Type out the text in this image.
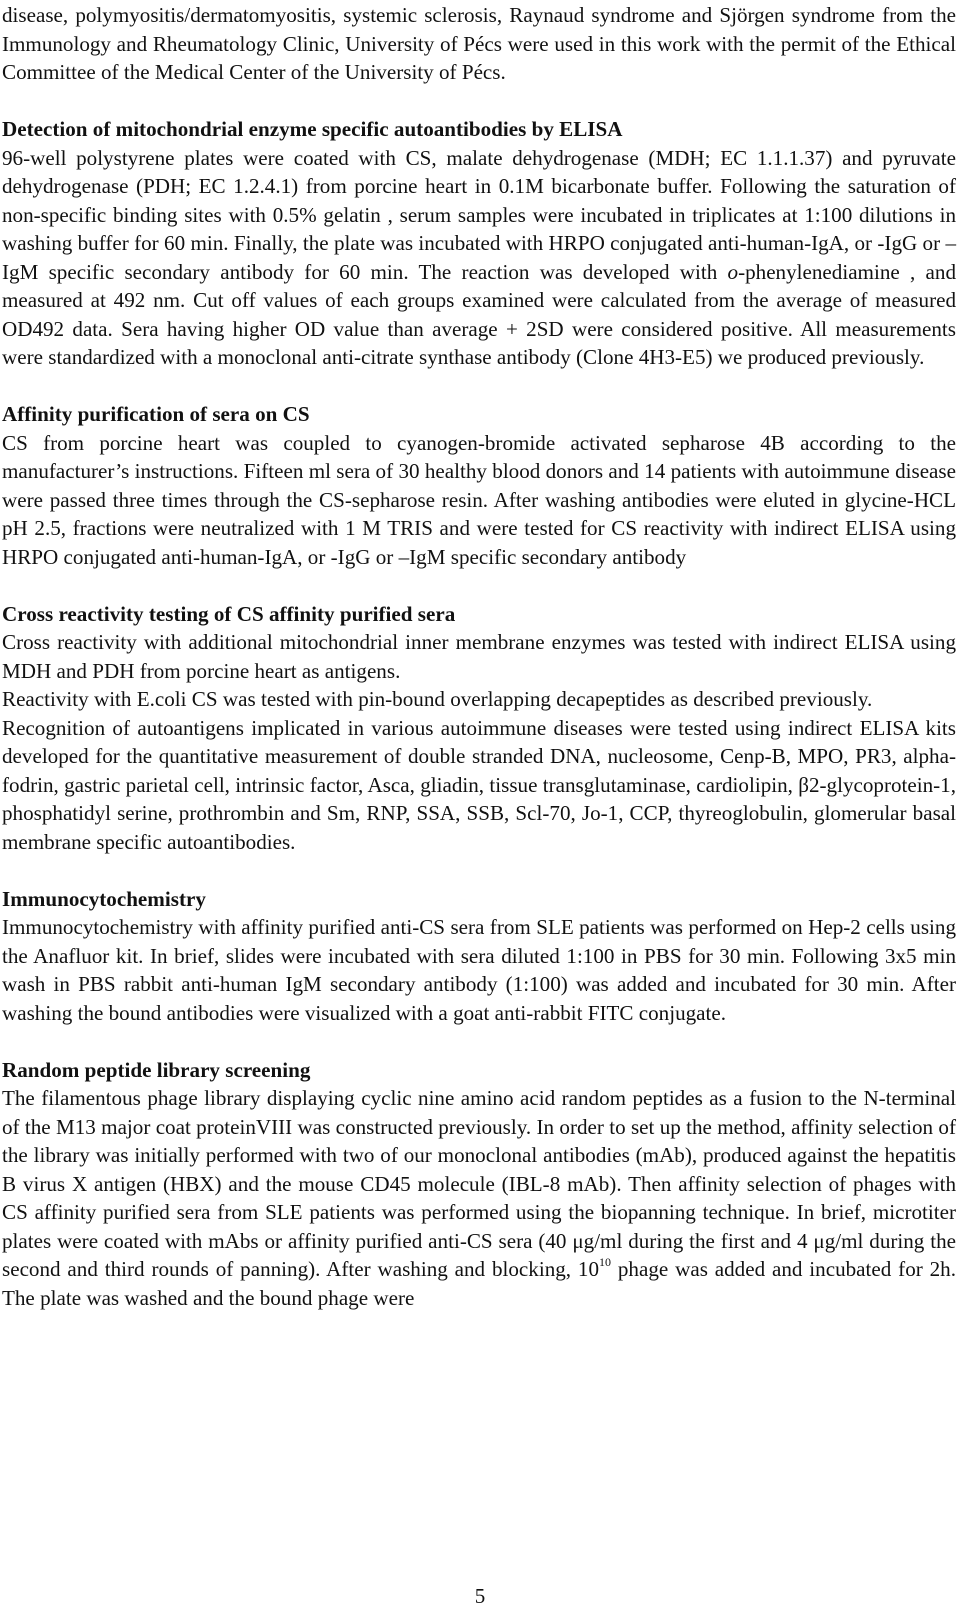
disease, polymyositis/dermatomyositis, systemic sclerosis, Raynaud syndrome and Sjörgen syndrome from the Immunology and Rheumatology Clinic, University of Pécs were used in this work with the permit of the Ethical Committee of the Medical Center of the University of Pécs.

Detection of mitochondrial enzyme specific autoantibodies by ELISA

96-well polystyrene plates were coated with CS, malate dehydrogenase (MDH; EC 1.1.1.37) and pyruvate dehydrogenase (PDH; EC 1.2.4.1) from porcine heart in 0.1M bicarbonate buffer. Following the saturation of non-specific binding sites with 0.5% gelatin , serum samples were incubated in triplicates at 1:100 dilutions in washing buffer for 60 min. Finally, the plate was incubated with HRPO conjugated anti-human-IgA, or -IgG or –IgM specific secondary antibody for 60 min. The reaction was developed with o-phenylenediamine , and measured at 492 nm. Cut off values of each groups examined were calculated from the average of measured OD492 data. Sera having higher OD value than average + 2SD were considered positive. All measurements were standardized with a monoclonal anti-citrate synthase antibody (Clone 4H3-E5) we produced previously.

Affinity purification of sera on CS

CS from porcine heart was coupled to cyanogen-bromide activated sepharose 4B according to the manufacturer’s instructions. Fifteen ml sera of 30 healthy blood donors and 14 patients with autoimmune disease were passed three times through the CS-sepharose resin. After washing antibodies were eluted in glycine-HCL pH 2.5, fractions were neutralized with 1 M TRIS and were tested for CS reactivity with indirect ELISA using HRPO conjugated anti-human-IgA, or -IgG or –IgM specific secondary antibody

Cross reactivity testing of CS affinity purified sera

Cross reactivity with additional mitochondrial inner membrane enzymes was tested with indirect ELISA using MDH and PDH from porcine heart as antigens.

Reactivity with E.coli CS was tested with pin-bound overlapping decapeptides as described previously.

Recognition of autoantigens implicated in various autoimmune diseases were tested using indirect ELISA kits developed for the quantitative measurement of double stranded DNA, nucleosome, Cenp-B, MPO, PR3, alpha-fodrin, gastric parietal cell, intrinsic factor, Asca, gliadin, tissue transglutaminase, cardiolipin, β2-glycoprotein-1, phosphatidyl serine, prothrombin and Sm, RNP, SSA, SSB, Scl-70, Jo-1, CCP, thyreoglobulin, glomerular basal membrane specific autoantibodies.

Immunocytochemistry

Immunocytochemistry with affinity purified anti-CS sera from SLE patients was performed on Hep-2 cells using the Anafluor kit. In brief, slides were incubated with sera diluted 1:100 in PBS for 30 min. Following 3x5 min wash in PBS rabbit anti-human IgM secondary antibody (1:100) was added and incubated for 30 min. After washing the bound antibodies were visualized with a goat anti-rabbit FITC conjugate.

Random peptide library screening

The filamentous phage library displaying cyclic nine amino acid random peptides as a fusion to the N-terminal of the M13 major coat proteinVIII was constructed previously. In order to set up the method, affinity selection of the library was initially performed with two of our monoclonal antibodies (mAb), produced against the hepatitis B virus X antigen (HBX) and the mouse CD45 molecule (IBL-8 mAb). Then affinity selection of phages with CS affinity purified sera from SLE patients was performed using the biopanning technique. In brief, microtiter plates were coated with mAbs or affinity purified anti-CS sera (40 μg/ml during the first and 4 μg/ml during the second and third rounds of panning). After washing and blocking, $10^{10}$ phage was added and incubated for 2h. The plate was washed and the bound phage were

5
